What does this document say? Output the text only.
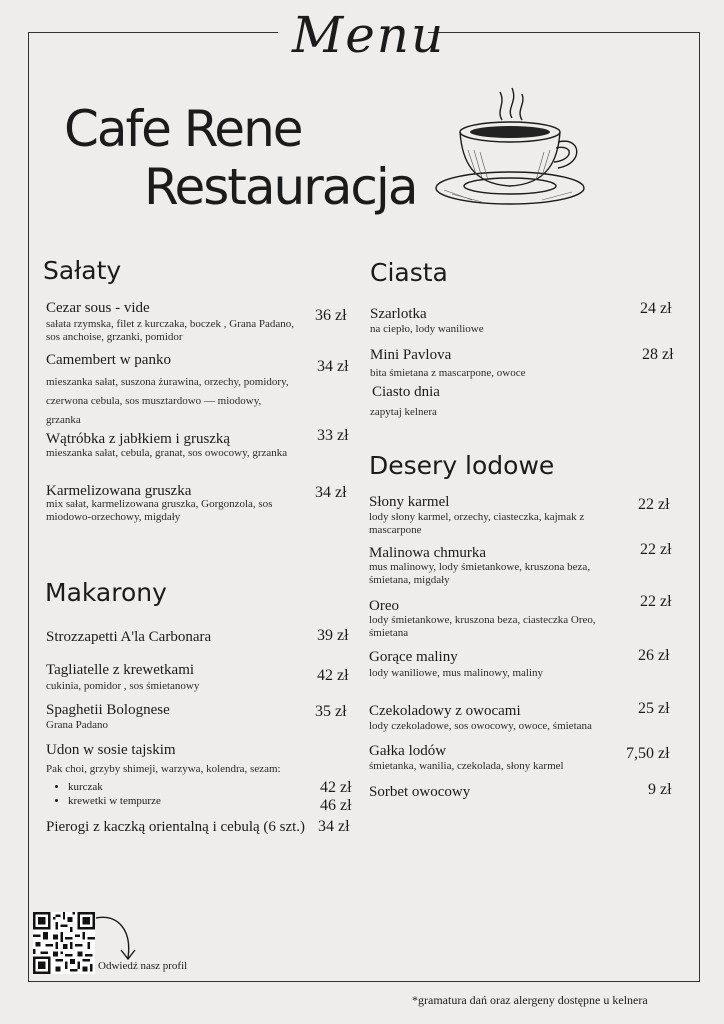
Menu
Cafe Rene
Restauracja
Sałaty
Cezar sous - vide	36 zł
sałata rzymska, filet z kurczaka, boczek , Grana Padano, sos anchoise, grzanki, pomidor
Camembert w panko	34 zł
mieszanka sałat, suszona żurawina, orzechy, pomidory, czerwona cebula, sos musztardowo — miodowy, grzanka
Wątróbka z jabłkiem i gruszką	33 zł
mieszanka sałat, cebula, granat, sos owocowy, grzanka
Karmelizowana gruszka	34 zł
mix sałat, karmelizowana gruszka, Gorgonzola, sos miodowo-orzechowy, migdały
Makarony
Strozzapetti A'la Carbonara	39 zł
Tagliatelle z krewetkami	42 zł
cukinia, pomidor , sos śmietanowy
Spaghetii Bolognese	35 zł
Grana Padano
Udon w sosie tajskim
Pak choi, grzyby shimeji, warzywa, kolendra, sezam:
• kurczak
• krewetki w tempurze
42 zł
46 zł
Pierogi z kaczką orientalną i cebulą (6 szt.) 34 zł
Ciasta
Szarlotka	24 zł
na ciepło, lody waniliowe
Mini Pavlova	28 zł
bita śmietana z mascarpone, owoce
Ciasto dnia
zapytaj kelnera
Desery lodowe
Słony karmel	22 zł
lody słony karmel, orzechy, ciasteczka, kajmak z mascarpone
Malinowa chmurka	22 zł
mus malinowy, lody śmietankowe, kruszona beza, śmietana, migdały
Oreo	22 zł
lody śmietankowe, kruszona beza, ciasteczka Oreo, śmietana
Gorące maliny	26 zł
lody waniliowe, mus malinowy, maliny
Czekoladowy z owocami	25 zł
lody czekoladowe, sos owocowy, owoce, śmietana
Gałka lodów	7,50 zł
śmietanka, wanilia, czekolada, słony karmel
Sorbet owocowy	9 zł
Odwiedź nasz profil
*gramatura dań oraz alergeny dostępne u kelnera
